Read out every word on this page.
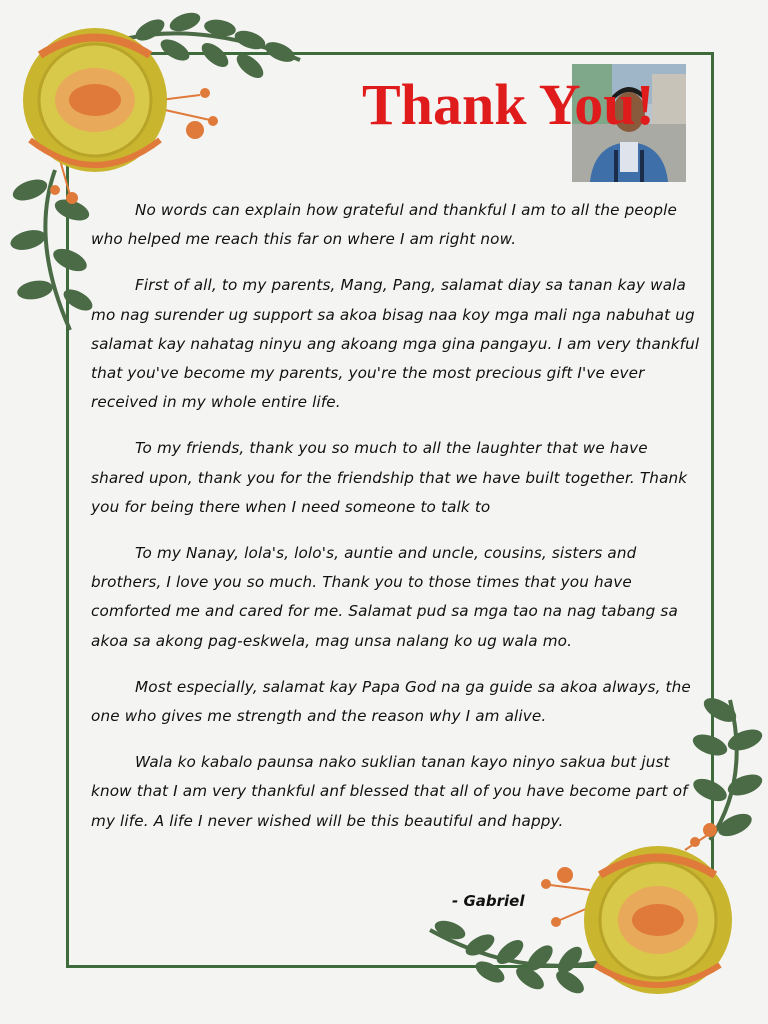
Thank You!

No words can explain how grateful and thankful I am to all the people who helped me reach this far on where I am right now.

First of all, to my parents, Mang, Pang, salamat diay sa tanan kay wala mo nag surender ug support sa akoa bisag naa koy mga mali nga nabuhat ug salamat kay nahatag ninyu ang akoang mga gina pangayu. I am very thankful that you've become my parents, you're the most precious gift I've ever received in my whole entire life.

To my friends, thank you so much to all the laughter that we have shared upon, thank you for the friendship that we have built together. Thank you for being there when I need someone to talk to

To my Nanay, lola's, lolo's, auntie and uncle, cousins, sisters and brothers, I love you so much. Thank you to those times that you have comforted me and cared for me. Salamat pud sa mga tao na nag tabang sa akoa sa akong pag-eskwela, mag unsa nalang ko ug wala mo.

Most especially, salamat kay Papa God na ga guide sa akoa always, the one who gives me strength and the reason why I am alive.

Wala ko kabalo paunsa nako suklian tanan kayo ninyo sakua but just know that I am very thankful anf blessed that all of you have become part of my life. A life I never wished will be this beautiful and happy.

- Gabriel
